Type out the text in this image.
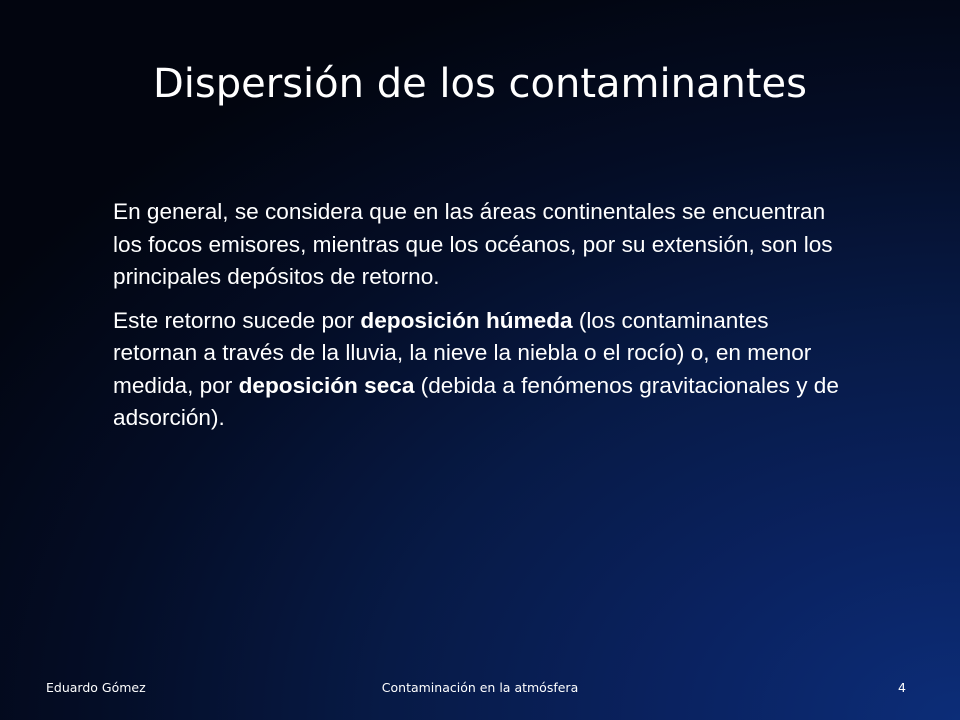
Dispersión de los contaminantes

En general, se considera que en las áreas continentales se encuentran los focos emisores, mientras que los océanos, por su extensión, son los principales depósitos de retorno.

Este retorno sucede por deposición húmeda (los contaminantes retornan a través de la lluvia, la nieve la niebla o el rocío) o, en menor medida, por deposición seca (debida a fenómenos gravitacionales y de adsorción).

Eduardo Gómez	Contaminación en la atmósfera	4
